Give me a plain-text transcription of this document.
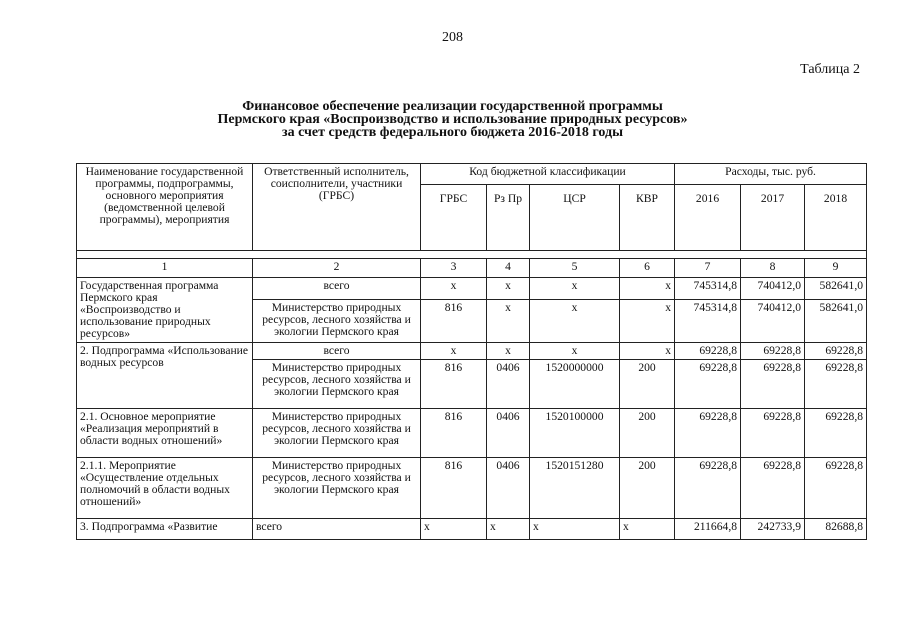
208
Таблица 2
Финансовое обеспечение реализации государственной программы
Пермского края «Воспроизводство и использование природных ресурсов»
за счет средств федерального бюджета 2016-2018 годы
Наименование государственной программы, подпрограммы, основного мероприятия (ведомственной целевой программы), мероприятия	Ответственный исполнитель, соисполнители, участники (ГРБС)	Код бюджетной классификации				Расходы, тыс. руб.		
		ГРБС	Рз Пр	ЦСР	КВР	2016	2017	2018

1	2	3	4	5	6	7	8	9
Государственная программа Пермского края «Воспроизводство и использование природных ресурсов»	всего	х	х	х	х	745314,8	740412,0	582641,0
	Министерство природных ресурсов, лесного хозяйства и экологии Пермского края	816	х	х	х	745314,8	740412,0	582641,0
2. Подпрограмма «Использование водных ресурсов	всего	х	х	х	х	69228,8	69228,8	69228,8
	Министерство природных ресурсов, лесного хозяйства и экологии Пермского края	816	0406	1520000000	200	69228,8	69228,8	69228,8
2.1. Основное мероприятие «Реализация мероприятий в области водных отношений»	Министерство природных ресурсов, лесного хозяйства и экологии Пермского края	816	0406	1520100000	200	69228,8	69228,8	69228,8
2.1.1. Мероприятие «Осуществление отдельных полномочий в области водных отношений»	Министерство природных ресурсов, лесного хозяйства и экологии Пермского края	816	0406	1520151280	200	69228,8	69228,8	69228,8
3. Подпрограмма «Развитие	всего	х	х	х	х	211664,8	242733,9	82688,8
